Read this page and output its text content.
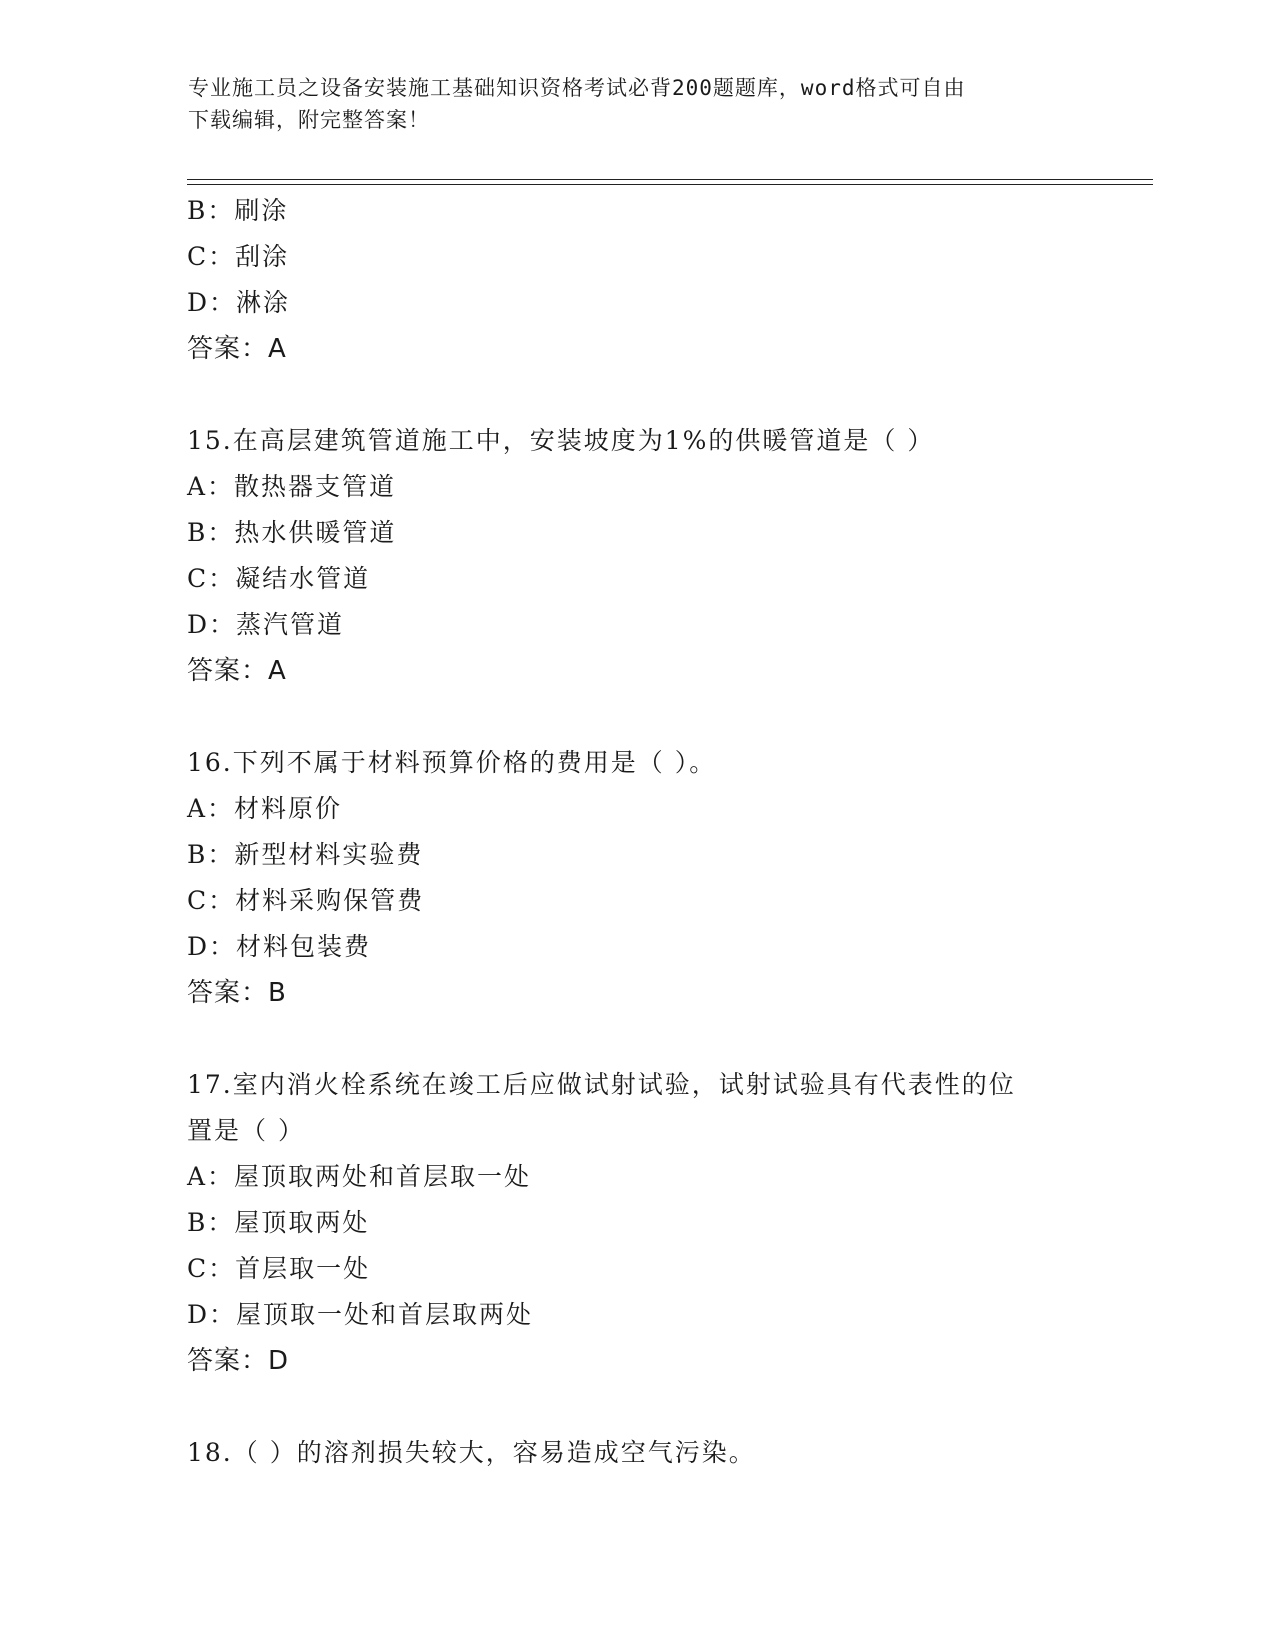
专业施工员之设备安装施工基础知识资格考试必背200题题库，word格式可自由
下载编辑，附完整答案！
B：刷涂
C：刮涂
D：淋涂
答案：A
15.在高层建筑管道施工中，安装坡度为1%的供暖管道是（ ）
A：散热器支管道
B：热水供暖管道
C：凝结水管道
D：蒸汽管道
答案：A
16.下列不属于材料预算价格的费用是（ ）。
A：材料原价
B：新型材料实验费
C：材料采购保管费
D：材料包装费
答案：B
17.室内消火栓系统在竣工后应做试射试验，试射试验具有代表性的位
置是（ ）
A：屋顶取两处和首层取一处
B：屋顶取两处
C：首层取一处
D：屋顶取一处和首层取两处
答案：D
18.（ ）的溶剂损失较大，容易造成空气污染。
